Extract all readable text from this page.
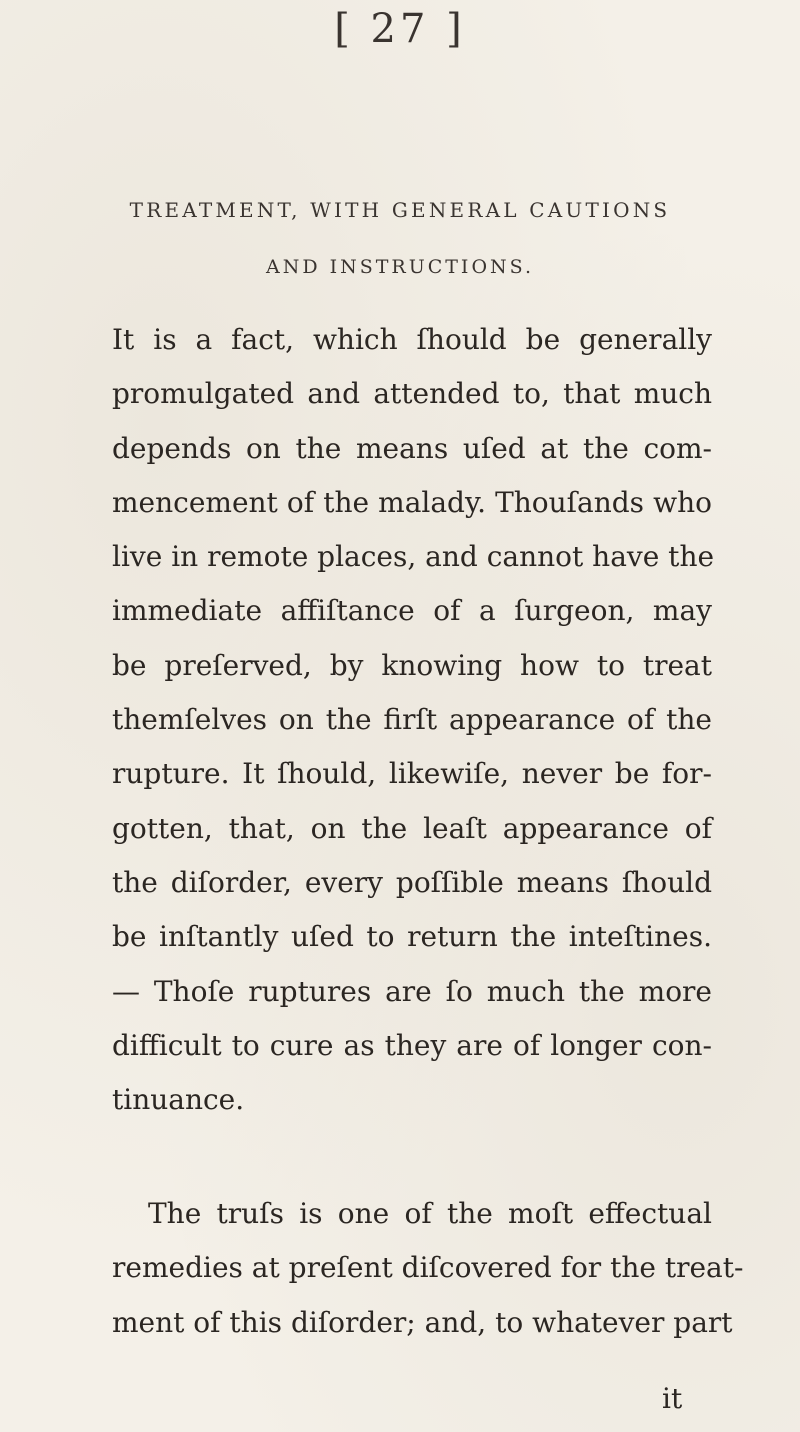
[ 27 ]
TREATMENT, WITH GENERAL CAUTIONS
AND INSTRUCTIONS.
It is a fact, which ſhould be generally
promulgated and attended to, that much
depends on the means uſed at the com-
mencement of the malady. Thouſands who
live in remote places, and cannot have the
immediate affiſtance of a ſurgeon, may
be preſerved, by knowing how to treat
themſelves on the firſt appearance of the
rupture. It ſhould, likewiſe, never be for-
gotten, that, on the leaſt appearance of
the diſorder, every poſſible means ſhould
be inſtantly uſed to return the inteſtines.
— Thoſe ruptures are ſo much the more
difficult to cure as they are of longer con-
tinuance.
The truſs is one of the moſt effectual
remedies at preſent diſcovered for the treat-
ment of this diſorder; and, to whatever part
it
